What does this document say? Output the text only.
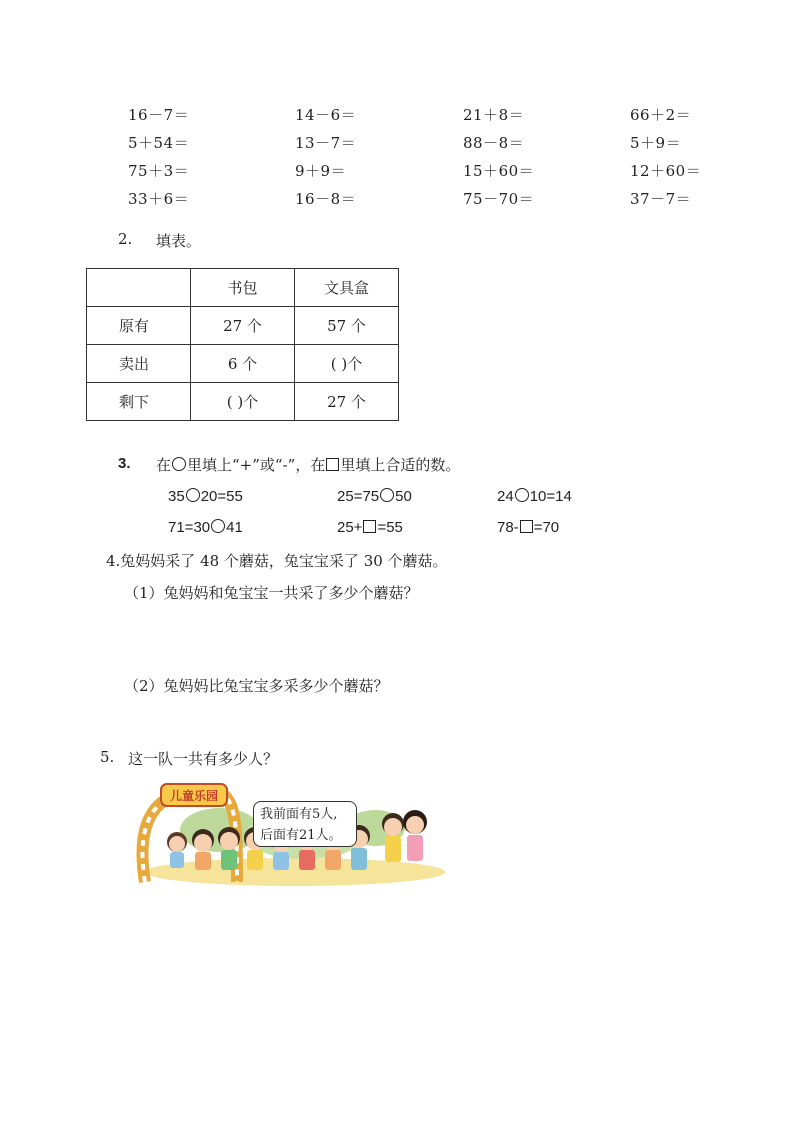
16－7＝	14－6＝	21＋8＝	66＋2＝
5＋54＝	13－7＝	88－8＝	5＋9＝
75＋3＝	9＋9＝	15＋60＝	12＋60＝
33＋6＝	16－8＝	75－70＝	37－7＝
2. 填表。
	书包	文具盒
原有	27 个	57 个
卖出	6 个	( )个
剩下	( )个	27 个
3. 在 里填上“+”或“-”，在 里填上合适的数。
35 20=55	25=75 50	24 10=14
71=30 41	25+ =55	78- =70
4.兔妈妈采了 48 个蘑菇，兔宝宝采了 30 个蘑菇。
（1）兔妈妈和兔宝宝一共采了多少个蘑菇？
（2）兔妈妈比兔宝宝多采多少个蘑菇？
5. 这一队一共有多少人？
儿童乐园
我前面有5人,
后面有21人。
